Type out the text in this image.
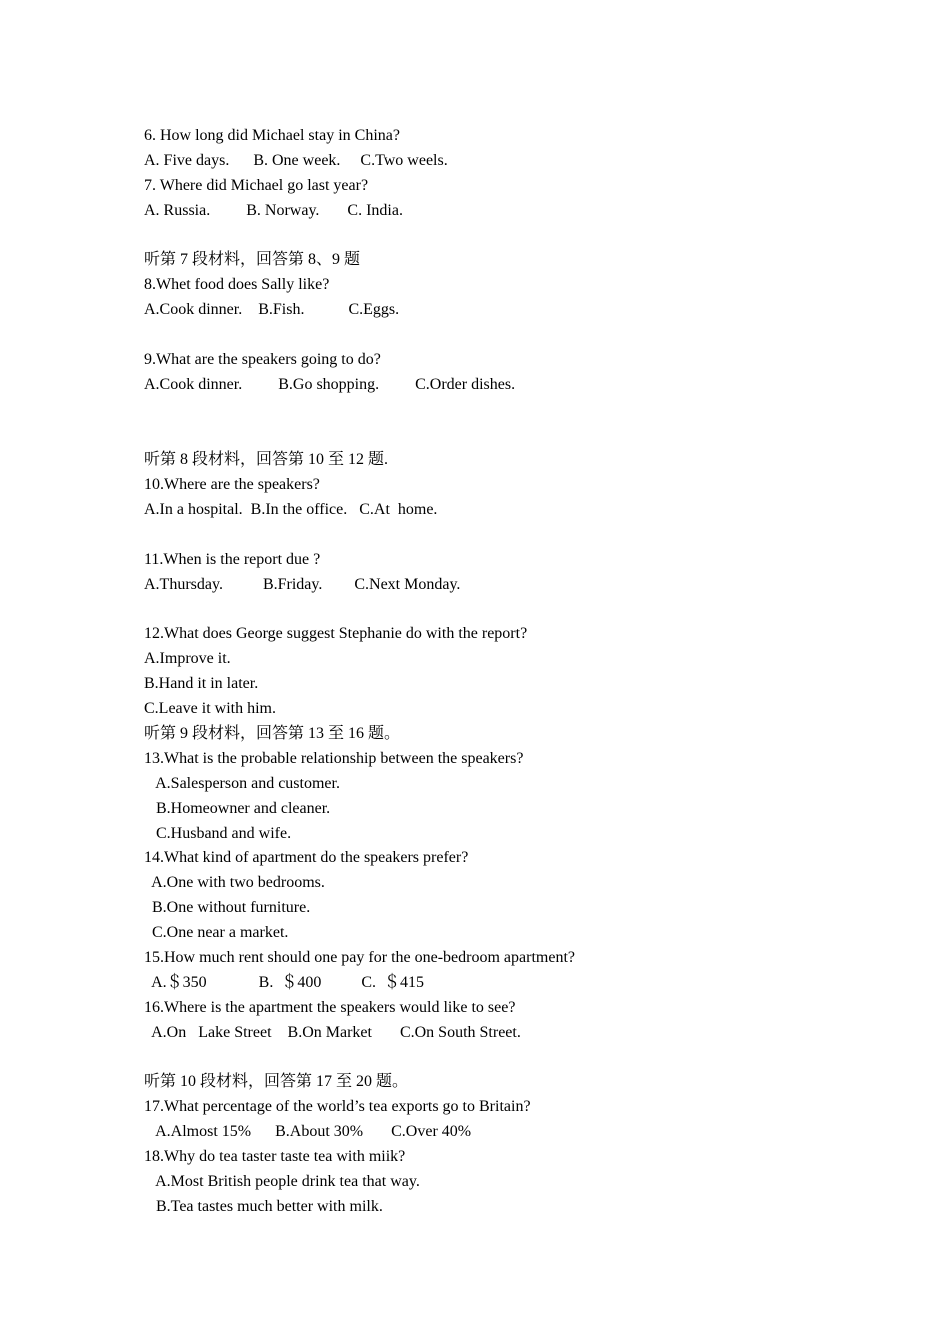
6. How long did Michael stay in China?
A. Five days.      B. One week.     C.Two weels.
7. Where did Michael go last year?
A. Russia.         B. Norway.       C. India.
听第 7 段材料，回答第 8、9 题
8.Whet food does Sally like?
A.Cook dinner.    B.Fish.           C.Eggs.
9.What are the speakers going to do?
A.Cook dinner.         B.Go shopping.         C.Order dishes.
听第 8 段材料，回答第 10 至 12 题.
10.Where are the speakers?
A.In a hospital.  B.In the office.   C.At  home.
11.When is the report due ?
A.Thursday.          B.Friday.        C.Next Monday.
12.What does George suggest Stephanie do with the report?
A.Improve it.
B.Hand it in later.
C.Leave it with him.
听第 9 段材料，回答第 13 至 16 题。
13.What is the probable relationship between the speakers?
A.Salesperson and customer.
B.Homeowner and cleaner.
C.Husband and wife.
14.What kind of apartment do the speakers prefer?
A.One with two bedrooms.
B.One without furniture.
C.One near a market.
15.How much rent should one pay for the one-bedroom apartment?
A.＄350             B.  ＄400          C.  ＄415
16.Where is the apartment the speakers would like to see?
A.On   Lake Street    B.On Market       C.On South Street.
听第 10 段材料，回答第 17 至 20 题。
17.What percentage of the world’s tea exports go to Britain?
A.Almost 15%      B.About 30%       C.Over 40%
18.Why do tea taster taste tea with miik?
A.Most British people drink tea that way.
B.Tea tastes much better with milk.
